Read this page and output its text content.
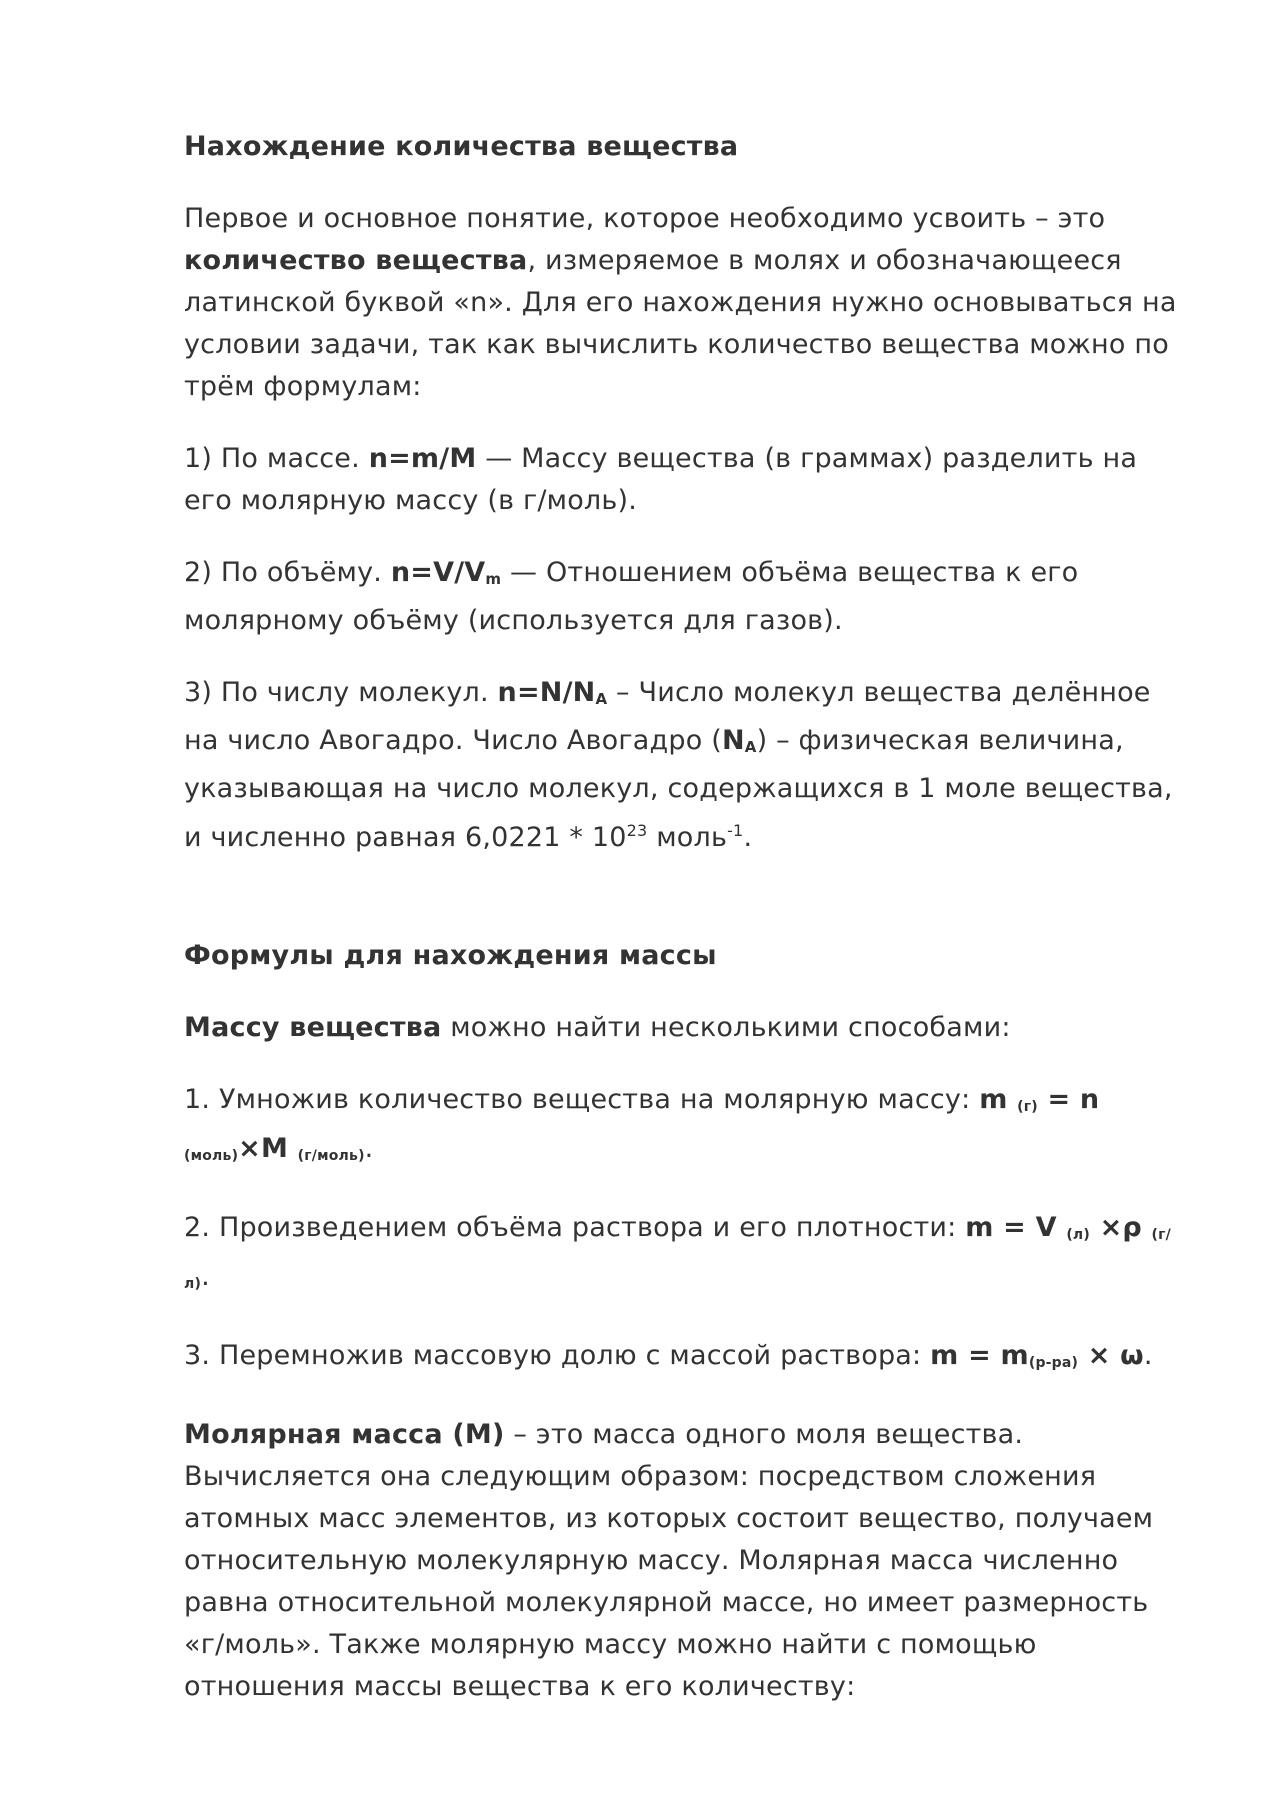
Нахождение количества вещества

Первое и основное понятие, которое необходимо усвоить – это количество вещества, измеряемое в молях и обозначающееся латинской буквой «n». Для его нахождения нужно основываться на условии задачи, так как вычислить количество вещества можно по трём формулам:

1) По массе. n=m/M — Массу вещества (в граммах) разделить на его молярную массу (в г/моль).

2) По объёму. $n=V/V_m$ — Отношением объёма вещества к его молярному объёму (используется для газов).

3) По числу молекул. $n=N/N_A$ – Число молекул вещества делённое на число Авогадро. Число Авогадро $(N_A)$ – физическая величина, указывающая на число молекул, содержащихся в 1 моле вещества, и численно равная $6,0221 * 10^{23}$ моль$^{-1}$.

Формулы для нахождения массы

Массу вещества можно найти несколькими способами:

1. Умножив количество вещества на молярную массу: m (г) = n (моль)×M (г/моль).

2. Произведением объёма раствора и его плотности: m = V (л) ×ρ (г/л).

3. Перемножив массовую долю с массой раствора: m = m(р-ра) × ω.

Молярная масса (М) – это масса одного моля вещества. Вычисляется она следующим образом: посредством сложения атомных масс элементов, из которых состоит вещество, получаем относительную молекулярную массу. Молярная масса численно равна относительной молекулярной массе, но имеет размерность «г/моль». Также молярную массу можно найти с помощью отношения массы вещества к его количеству:
